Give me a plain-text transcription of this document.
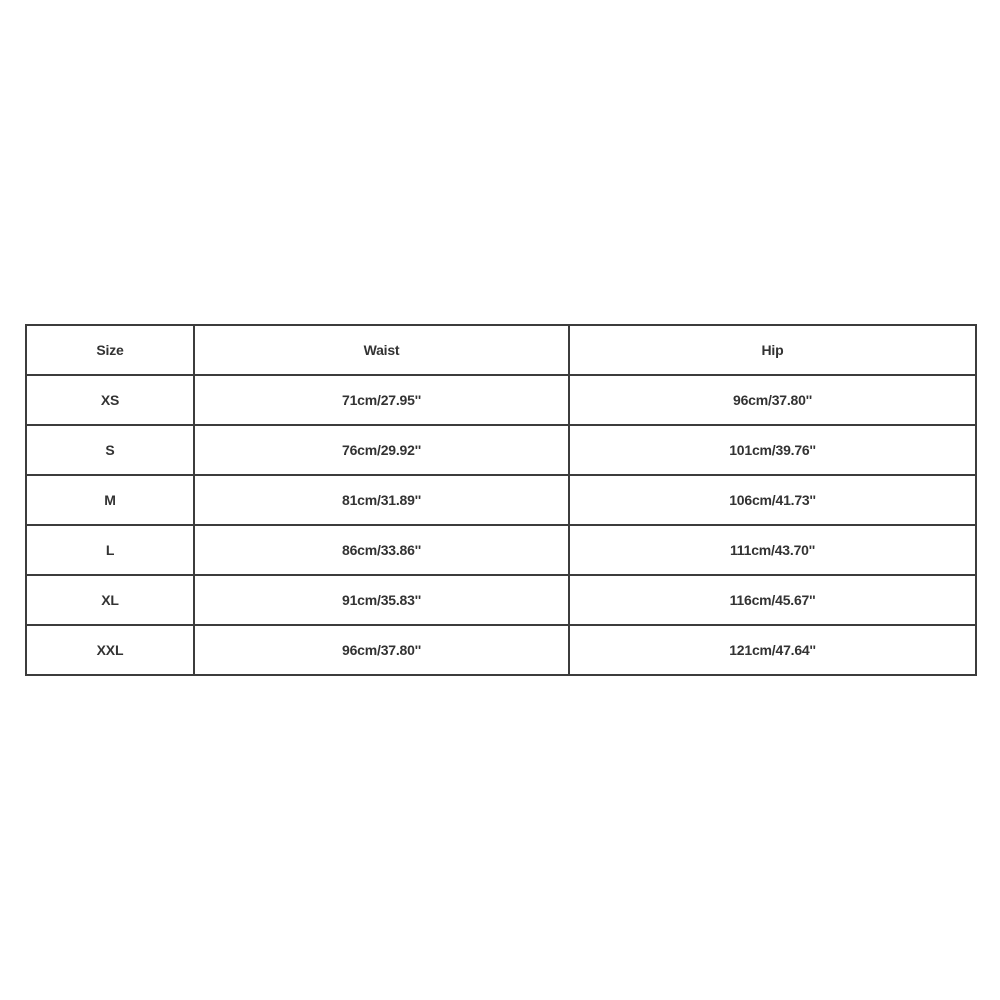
Size	Waist	Hip
XS	71cm/27.95''	96cm/37.80''
S	76cm/29.92''	101cm/39.76''
M	81cm/31.89''	106cm/41.73''
L	86cm/33.86''	111cm/43.70''
XL	91cm/35.83''	116cm/45.67''
XXL	96cm/37.80''	121cm/47.64''
